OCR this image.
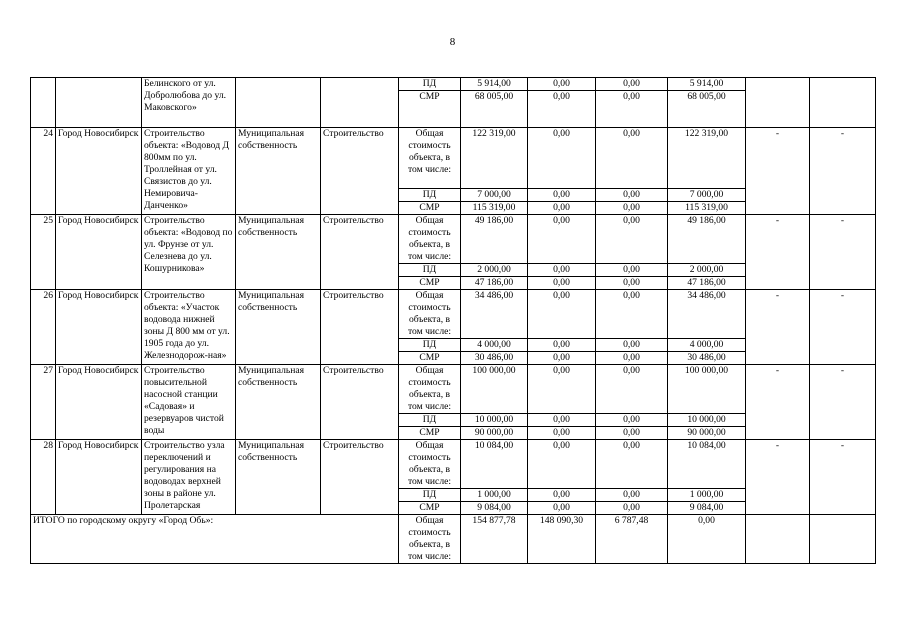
8
		Белинского от ул. Добролюбова до ул. Маковского»			ПД	5 914,00	0,00	0,00	5 914,00		
					СМР	68 005,00	0,00	0,00	68 005,00		
24	Город Новосибирск	Строительство объекта: «Водовод Д 800мм по ул. Троллейная от ул. Связистов до ул. Немировича-Данченко»	Муниципальная собственность	Строительство	Общая стоимость объекта, в том числе:	122 319,00	0,00	0,00	122 319,00	-	-
					ПД	7 000,00	0,00	0,00	7 000,00		
					СМР	115 319,00	0,00	0,00	115 319,00		
25	Город Новосибирск	Строительство объекта: «Водовод по ул. Фрунзе от ул. Селезнева до ул. Кошурникова»	Муниципальная собственность	Строительство	Общая стоимость объекта, в том числе:	49 186,00	0,00	0,00	49 186,00	-	-
					ПД	2 000,00	0,00	0,00	2 000,00		
					СМР	47 186,00	0,00	0,00	47 186,00		
26	Город Новосибирск	Строительство объекта: «Участок водовода нижней зоны Д 800 мм от ул. 1905 года до ул. Железнодорож-ная»	Муниципальная собственность	Строительство	Общая стоимость объекта, в том числе:	34 486,00	0,00	0,00	34 486,00	-	-
					ПД	4 000,00	0,00	0,00	4 000,00		
					СМР	30 486,00	0,00	0,00	30 486,00		
27	Город Новосибирск	Строительство повысительной насосной станции «Садовая» и резервуаров чистой воды	Муниципальная собственность	Строительство	Общая стоимость объекта, в том числе:	100 000,00	0,00	0,00	100 000,00	-	-
					ПД	10 000,00	0,00	0,00	10 000,00		
					СМР	90 000,00	0,00	0,00	90 000,00		
28	Город Новосибирск	Строительство узла переключений и регулирования на водоводах верхней зоны в районе ул. Пролетарская	Муниципальная собственность	Строительство	Общая стоимость объекта, в том числе:	10 084,00	0,00	0,00	10 084,00	-	-
					ПД	1 000,00	0,00	0,00	1 000,00		
					СМР	9 084,00	0,00	0,00	9 084,00		
ИТОГО по городскому округу «Город Обь»:					Общая стоимость объекта, в том числе:	154 877,78	148 090,30	6 787,48	0,00		
